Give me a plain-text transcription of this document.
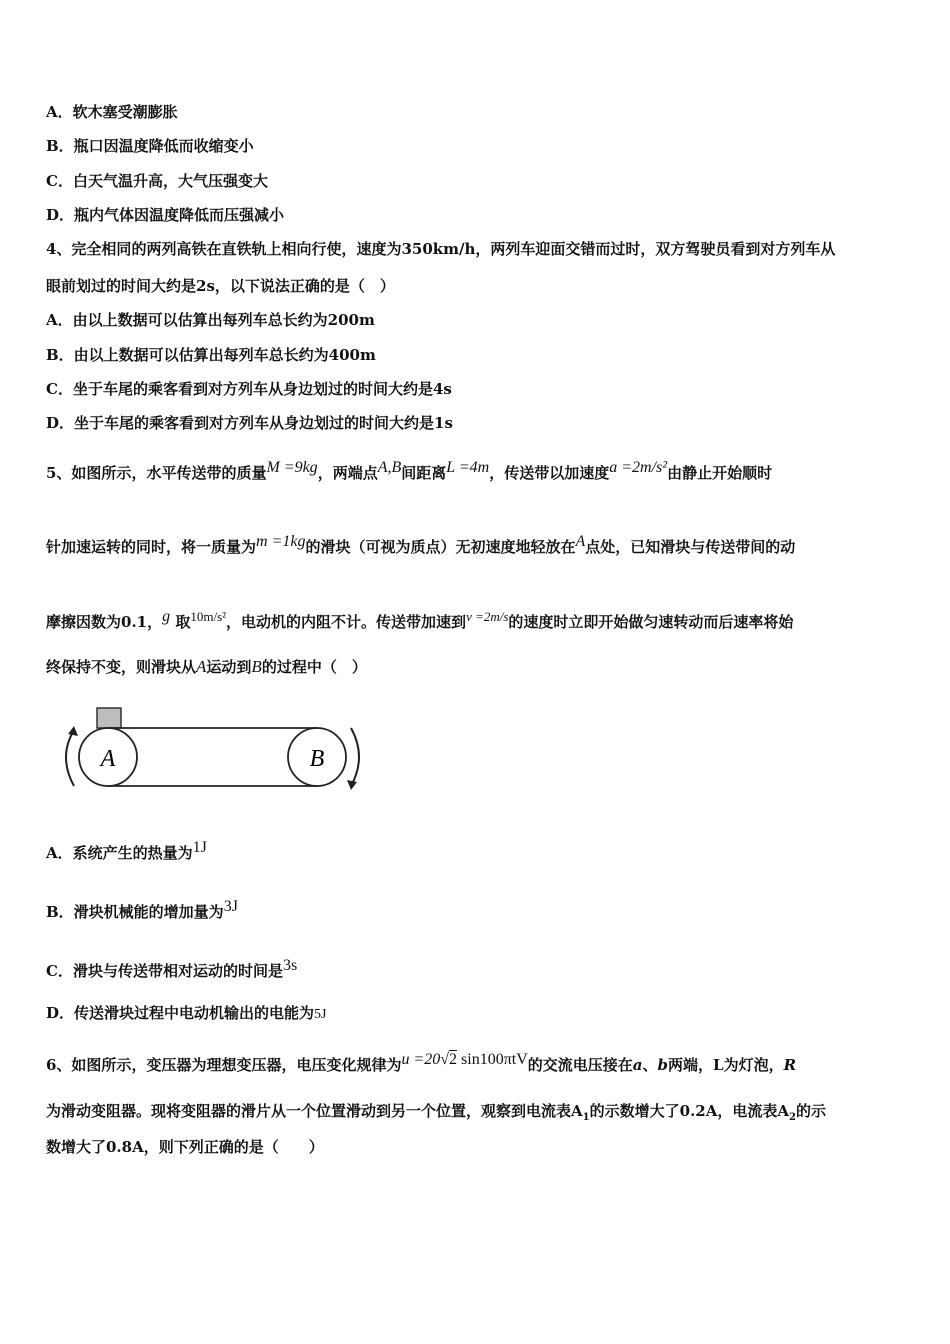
A．软木塞受潮膨胀
B．瓶口因温度降低而收缩变小
C．白天气温升高，大气压强变大
D．瓶内气体因温度降低而压强减小
4、完全相同的两列高铁在直铁轨上相向行使，速度为350km/h，两列车迎面交错而过时，双方驾驶员看到对方列车从
眼前划过的时间大约是2s，以下说法正确的是（　）
A．由以上数据可以估算出每列车总长约为200m
B．由以上数据可以估算出每列车总长约为400m
C．坐于车尾的乘客看到对方列车从身边划过的时间大约是4s
D．坐于车尾的乘客看到对方列车从身边划过的时间大约是1s
5、如图所示，水平传送带的质量M =9kg，两端点A,B间距离L =4m，传送带以加速度a =2m/s²由静止开始顺时
针加速运转的同时，将一质量为m =1kg的滑块（可视为质点）无初速度地轻放在A点处，已知滑块与传送带间的动
摩擦因数为0.1，g 取10m/s²，电动机的内阻不计。传送带加速到v =2m/s的速度时立即开始做匀速转动而后速率将始
终保持不变，则滑块从A运动到B的过程中（　）
A	B
A．系统产生的热量为1J
B．滑块机械能的增加量为3J
C．滑块与传送带相对运动的时间是3s
D．传送滑块过程中电动机输出的电能为5J
6、如图所示，变压器为理想变压器，电压变化规律为u =20√2 sin100πtV的交流电压接在a、b两端，L为灯泡，R
为滑动变阻器。现将变阻器的滑片从一个位置滑动到另一个位置，观察到电流表$A_1$的示数增大了0.2A，电流表$A_2$的示
数增大了0.8A，则下列正确的是（　　）
